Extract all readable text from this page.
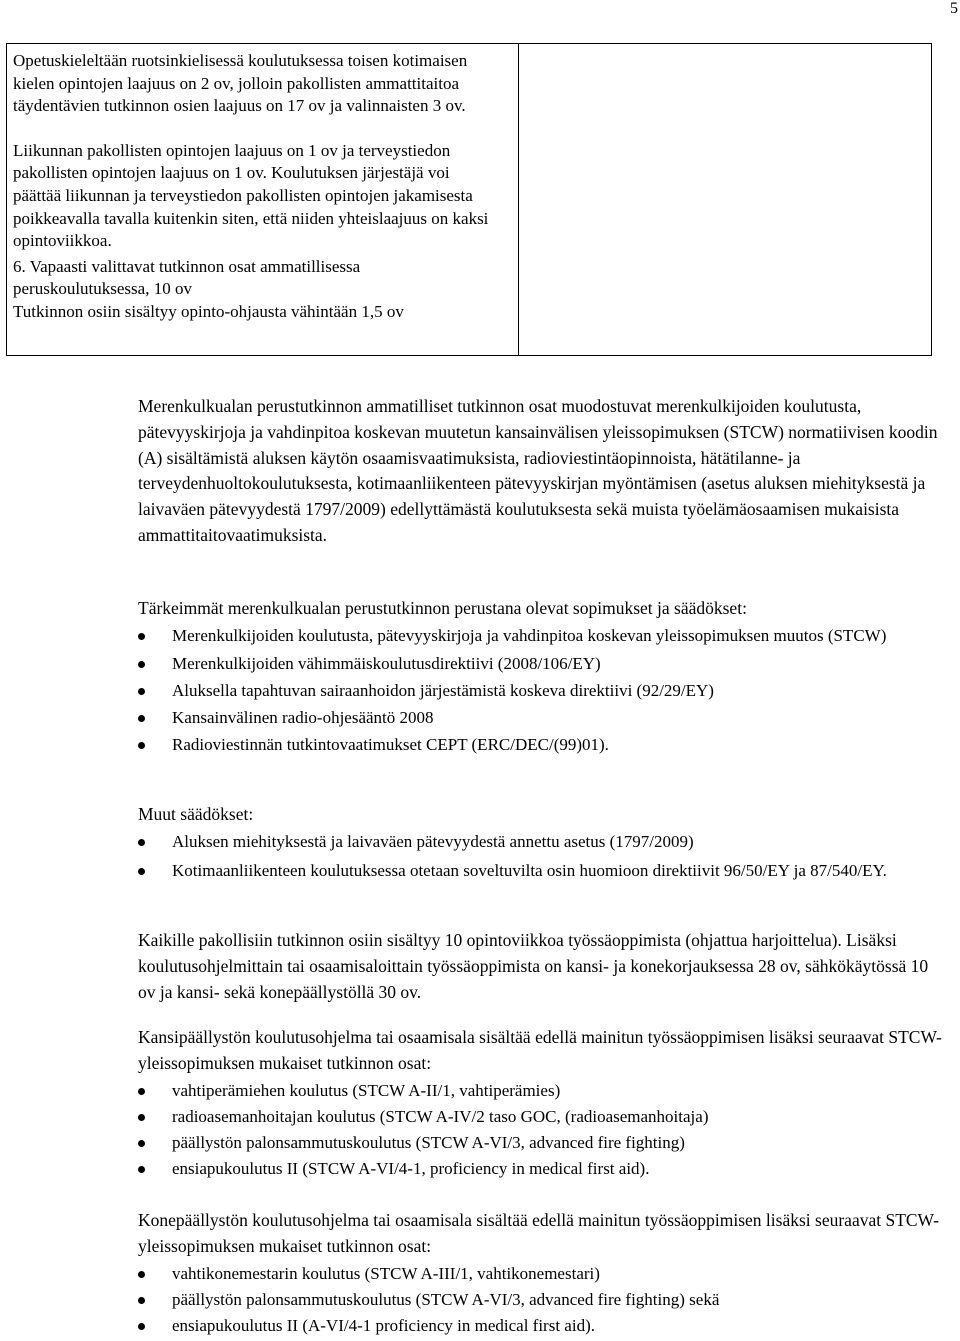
5

Opetuskieleltään ruotsinkielisessä koulutuksessa toisen kotimaisen kielen opintojen laajuus on 2 ov, jolloin pakollisten ammattitaitoa täydentävien tutkinnon osien laajuus on 17 ov ja valinnaisten 3 ov.

Liikunnan pakollisten opintojen laajuus on 1 ov ja terveystiedon pakollisten opintojen laajuus on 1 ov. Koulutuksen järjestäjä voi päättää liikunnan ja terveystiedon pakollisten opintojen jakamisesta poikkeavalla tavalla kuitenkin siten, että niiden yhteislaajuus on kaksi opintoviikkoa.

6. Vapaasti valittavat tutkinnon osat ammatillisessa peruskoulutuksessa, 10 ov

Tutkinnon osiin sisältyy opinto-ohjausta vähintään 1,5 ov

Merenkulkualan perustutkinnon ammatilliset tutkinnon osat muodostuvat merenkulkijoiden koulutusta, pätevyyskirjoja ja vahdinpitoa koskevan muutetun kansainvälisen yleissopimuksen (STCW) normatiivisen koodin (A) sisältämistä aluksen käytön osaamisvaatimuksista, radioviestintäopinnoista, hätätilanne- ja terveydenhuoltokoulutuksesta, kotimaanliikenteen pätevyyskirjan myöntämisen (asetus aluksen miehityksestä ja laivaväen pätevyydestä 1797/2009) edellyttämästä koulutuksesta sekä muista työelämäosaamisen mukaisista ammattitaitovaatimuksista.

Tärkeimmät merenkulkualan perustutkinnon perustana olevat sopimukset ja säädökset:

Merenkulkijoiden koulutusta, pätevyyskirjoja ja vahdinpitoa koskevan yleissopimuksen muutos (STCW)
Merenkulkijoiden vähimmäiskoulutusdirektiivi (2008/106/EY)
Aluksella tapahtuvan sairaanhoidon järjestämistä koskeva direktiivi (92/29/EY)
Kansainvälinen radio-ohjesääntö 2008
Radioviestinnän tutkintovaatimukset CEPT (ERC/DEC/(99)01).

Muut säädökset:

Aluksen miehityksestä ja laivaväen pätevyydestä annettu asetus (1797/2009)
Kotimaanliikenteen koulutuksessa otetaan soveltuvilta osin huomioon direktiivit 96/50/EY ja 87/540/EY.

Kaikille pakollisiin tutkinnon osiin sisältyy 10 opintoviikkoa työssäoppimista (ohjattua harjoittelua). Lisäksi koulutusohjelmittain tai osaamisaloittain työssäoppimista on kansi- ja konekorjauksessa 28 ov, sähkökäytössä 10 ov ja kansi- sekä konepäällystöllä 30 ov.

Kansipäällystön koulutusohjelma tai osaamisala sisältää edellä mainitun työssäoppimisen lisäksi seuraavat STCW-yleissopimuksen mukaiset tutkinnon osat:

vahtiperämiehen koulutus (STCW A-II/1, vahtiperämies)
radioasemanhoitajan koulutus (STCW A-IV/2 taso GOC, (radioasemanhoitaja)
päällystön palonsammutuskoulutus (STCW A-VI/3, advanced fire fighting)
ensiapukoulutus II (STCW A-VI/4-1, proficiency in medical first aid).

Konepäällystön koulutusohjelma tai osaamisala sisältää edellä mainitun työssäoppimisen lisäksi seuraavat STCW-yleissopimuksen mukaiset tutkinnon osat:

vahtikonemestarin koulutus (STCW A-III/1, vahtikonemestari)
päällystön palonsammutuskoulutus (STCW A-VI/3, advanced fire fighting) sekä
ensiapukoulutus II (A-VI/4-1 proficiency in medical first aid).
